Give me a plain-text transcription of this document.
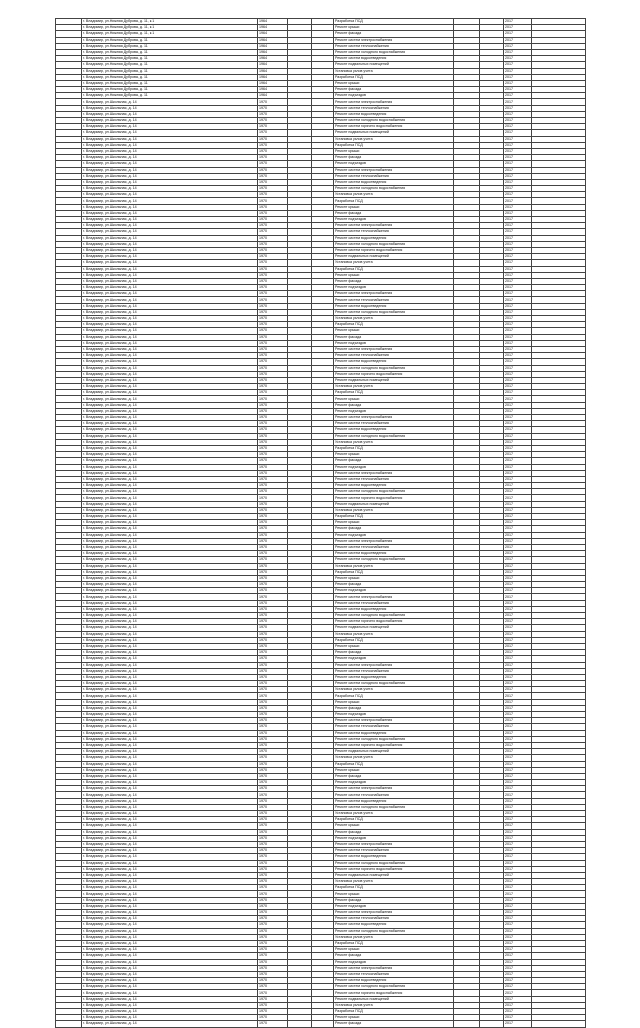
	г. Владимир, ул.Нижняя Дуброва, д. 11, к.1	1964			Разработка ПСД			2017	
	г. Владимир, ул.Нижняя Дуброва, д. 11, к.1	1964			Ремонт крыши			2017	
	г. Владимир, ул.Нижняя Дуброва, д. 11, к.1	1964			Ремонт фасада			2017	
	г. Владимир, ул.Нижняя Дуброва, д. 11	1964			Ремонт систем электроснабжения			2017	
	г. Владимир, ул.Нижняя Дуброва, д. 11	1964			Ремонт систем теплоснабжения			2017	
	г. Владимир, ул.Нижняя Дуброва, д. 11	1964			Ремонт систем холодного водоснабжения			2017	
	г. Владимир, ул.Нижняя Дуброва, д. 11	1964			Ремонт систем водоотведения			2017	
	г. Владимир, ул.Нижняя Дуброва, д. 11	1964			Ремонт подвальных помещений			2017	
	г. Владимир, ул.Нижняя Дуброва, д. 11	1964			Установка узлов учета			2017	
	г. Владимир, ул.Нижняя Дуброва, д. 11	1964			Разработка ПСД			2017	
	г. Владимир, ул.Нижняя Дуброва, д. 11	1964			Ремонт крыши			2017	
	г. Владимир, ул.Нижняя Дуброва, д. 11	1964			Ремонт фасада			2017	
	г. Владимир, ул.Нижняя Дуброва, д. 11	1964			Ремонт подъездов			2017	
	г. Владимир, ул.Школьная, д. 14	1970			Ремонт систем электроснабжения			2017	
	г. Владимир, ул.Школьная, д. 14	1970			Ремонт систем теплоснабжения			2017	
	г. Владимир, ул.Школьная, д. 14	1970			Ремонт систем водоотведения			2017	
	г. Владимир, ул.Школьная, д. 14	1970			Ремонт систем холодного водоснабжения			2017	
	г. Владимир, ул.Школьная, д. 14	1970			Ремонт систем горячего водоснабжения			2017	
	г. Владимир, ул.Школьная, д. 14	1970			Ремонт подвальных помещений			2017	
	г. Владимир, ул.Школьная, д. 14	1970			Установка узлов учета			2017	
	г. Владимир, ул.Школьная, д. 14	1970			Разработка ПСД			2017	
	г. Владимир, ул.Школьная, д. 14	1970			Ремонт крыши			2017	
	г. Владимир, ул.Школьная, д. 14	1970			Ремонт фасада			2017	
	г. Владимир, ул.Школьная, д. 14	1970			Ремонт подъездов			2017	
	г. Владимир, ул.Школьная, д. 14	1970			Ремонт систем электроснабжения			2017	
	г. Владимир, ул.Школьная, д. 14	1970			Ремонт систем теплоснабжения			2017	
	г. Владимир, ул.Школьная, д. 14	1970			Ремонт систем водоотведения			2017	
	г. Владимир, ул.Школьная, д. 14	1970			Ремонт систем холодного водоснабжения			2017	
	г. Владимир, ул.Школьная, д. 14	1970			Установка узлов учета			2017	
	г. Владимир, ул.Школьная, д. 14	1970			Разработка ПСД			2017	
	г. Владимир, ул.Школьная, д. 14	1970			Ремонт крыши			2017	
	г. Владимир, ул.Школьная, д. 14	1970			Ремонт фасада			2017	
	г. Владимир, ул.Школьная, д. 14	1970			Ремонт подъездов			2017	
	г. Владимир, ул.Школьная, д. 14	1970			Ремонт систем электроснабжения			2017	
	г. Владимир, ул.Школьная, д. 14	1970			Ремонт систем теплоснабжения			2017	
	г. Владимир, ул.Школьная, д. 14	1970			Ремонт систем водоотведения			2017	
	г. Владимир, ул.Школьная, д. 14	1970			Ремонт систем холодного водоснабжения			2017	
	г. Владимир, ул.Школьная, д. 14	1970			Ремонт систем горячего водоснабжения			2017	
	г. Владимир, ул.Школьная, д. 14	1970			Ремонт подвальных помещений			2017	
	г. Владимир, ул.Школьная, д. 14	1970			Установка узлов учета			2017	
	г. Владимир, ул.Школьная, д. 14	1970			Разработка ПСД			2017	
	г. Владимир, ул.Школьная, д. 14	1970			Ремонт крыши			2017	
	г. Владимир, ул.Школьная, д. 14	1970			Ремонт фасада			2017	
	г. Владимир, ул.Школьная, д. 14	1970			Ремонт подъездов			2017	
	г. Владимир, ул.Школьная, д. 14	1970			Ремонт систем электроснабжения			2017	
	г. Владимир, ул.Школьная, д. 14	1970			Ремонт систем теплоснабжения			2017	
	г. Владимир, ул.Школьная, д. 14	1970			Ремонт систем водоотведения			2017	
	г. Владимир, ул.Школьная, д. 14	1970			Ремонт систем холодного водоснабжения			2017	
	г. Владимир, ул.Школьная, д. 14	1970			Установка узлов учета			2017	
	г. Владимир, ул.Школьная, д. 14	1970			Разработка ПСД			2017	
	г. Владимир, ул.Школьная, д. 14	1970			Ремонт крыши			2017	
	г. Владимир, ул.Школьная, д. 14	1970			Ремонт фасада			2017	
	г. Владимир, ул.Школьная, д. 14	1970			Ремонт подъездов			2017	
	г. Владимир, ул.Школьная, д. 14	1970			Ремонт систем электроснабжения			2017	
	г. Владимир, ул.Школьная, д. 14	1970			Ремонт систем теплоснабжения			2017	
	г. Владимир, ул.Школьная, д. 14	1970			Ремонт систем водоотведения			2017	
	г. Владимир, ул.Школьная, д. 14	1970			Ремонт систем холодного водоснабжения			2017	
	г. Владимир, ул.Школьная, д. 14	1970			Ремонт систем горячего водоснабжения			2017	
	г. Владимир, ул.Школьная, д. 14	1970			Ремонт подвальных помещений			2017	
	г. Владимир, ул.Школьная, д. 14	1970			Установка узлов учета			2017	
	г. Владимир, ул.Школьная, д. 14	1970			Разработка ПСД			2017	
	г. Владимир, ул.Школьная, д. 14	1970			Ремонт крыши			2017	
	г. Владимир, ул.Школьная, д. 14	1970			Ремонт фасада			2017	
	г. Владимир, ул.Школьная, д. 14	1970			Ремонт подъездов			2017	
	г. Владимир, ул.Школьная, д. 14	1970			Ремонт систем электроснабжения			2017	
	г. Владимир, ул.Школьная, д. 14	1970			Ремонт систем теплоснабжения			2017	
	г. Владимир, ул.Школьная, д. 14	1970			Ремонт систем водоотведения			2017	
	г. Владимир, ул.Школьная, д. 14	1970			Ремонт систем холодного водоснабжения			2017	
	г. Владимир, ул.Школьная, д. 14	1970			Установка узлов учета			2017	
	г. Владимир, ул.Школьная, д. 14	1970			Разработка ПСД			2017	
	г. Владимир, ул.Школьная, д. 14	1970			Ремонт крыши			2017	
	г. Владимир, ул.Школьная, д. 14	1970			Ремонт фасада			2017	
	г. Владимир, ул.Школьная, д. 14	1970			Ремонт подъездов			2017	
	г. Владимир, ул.Школьная, д. 14	1970			Ремонт систем электроснабжения			2017	
	г. Владимир, ул.Школьная, д. 14	1970			Ремонт систем теплоснабжения			2017	
	г. Владимир, ул.Школьная, д. 14	1970			Ремонт систем водоотведения			2017	
	г. Владимир, ул.Школьная, д. 14	1970			Ремонт систем холодного водоснабжения			2017	
	г. Владимир, ул.Школьная, д. 14	1970			Ремонт систем горячего водоснабжения			2017	
	г. Владимир, ул.Школьная, д. 14	1970			Ремонт подвальных помещений			2017	
	г. Владимир, ул.Школьная, д. 14	1970			Установка узлов учета			2017	
	г. Владимир, ул.Школьная, д. 14	1970			Разработка ПСД			2017	
	г. Владимир, ул.Школьная, д. 14	1970			Ремонт крыши			2017	
	г. Владимир, ул.Школьная, д. 14	1970			Ремонт фасада			2017	
	г. Владимир, ул.Школьная, д. 14	1970			Ремонт подъездов			2017	
	г. Владимир, ул.Школьная, д. 14	1970			Ремонт систем электроснабжения			2017	
	г. Владимир, ул.Школьная, д. 14	1970			Ремонт систем теплоснабжения			2017	
	г. Владимир, ул.Школьная, д. 14	1970			Ремонт систем водоотведения			2017	
	г. Владимир, ул.Школьная, д. 14	1970			Ремонт систем холодного водоснабжения			2017	
	г. Владимир, ул.Школьная, д. 14	1970			Установка узлов учета			2017	
	г. Владимир, ул.Школьная, д. 14	1970			Разработка ПСД			2017	
	г. Владимир, ул.Школьная, д. 14	1970			Ремонт крыши			2017	
	г. Владимир, ул.Школьная, д. 14	1970			Ремонт фасада			2017	
	г. Владимир, ул.Школьная, д. 14	1970			Ремонт подъездов			2017	
	г. Владимир, ул.Школьная, д. 14	1970			Ремонт систем электроснабжения			2017	
	г. Владимир, ул.Школьная, д. 14	1970			Ремонт систем теплоснабжения			2017	
	г. Владимир, ул.Школьная, д. 14	1970			Ремонт систем водоотведения			2017	
	г. Владимир, ул.Школьная, д. 14	1970			Ремонт систем холодного водоснабжения			2017	
	г. Владимир, ул.Школьная, д. 14	1970			Ремонт систем горячего водоснабжения			2017	
	г. Владимир, ул.Школьная, д. 14	1970			Ремонт подвальных помещений			2017	
	г. Владимир, ул.Школьная, д. 14	1970			Установка узлов учета			2017	
	г. Владимир, ул.Школьная, д. 14	1970			Разработка ПСД			2017	
	г. Владимир, ул.Школьная, д. 14	1970			Ремонт крыши			2017	
	г. Владимир, ул.Школьная, д. 14	1970			Ремонт фасада			2017	
	г. Владимир, ул.Школьная, д. 14	1970			Ремонт подъездов			2017	
	г. Владимир, ул.Школьная, д. 14	1970			Ремонт систем электроснабжения			2017	
	г. Владимир, ул.Школьная, д. 14	1970			Ремонт систем теплоснабжения			2017	
	г. Владимир, ул.Школьная, д. 14	1970			Ремонт систем водоотведения			2017	
	г. Владимир, ул.Школьная, д. 14	1970			Ремонт систем холодного водоснабжения			2017	
	г. Владимир, ул.Школьная, д. 14	1970			Установка узлов учета			2017	
	г. Владимир, ул.Школьная, д. 14	1970			Разработка ПСД			2017	
	г. Владимир, ул.Школьная, д. 14	1970			Ремонт крыши			2017	
	г. Владимир, ул.Школьная, д. 14	1970			Ремонт фасада			2017	
	г. Владимир, ул.Школьная, д. 14	1970			Ремонт подъездов			2017	
	г. Владимир, ул.Школьная, д. 14	1970			Ремонт систем электроснабжения			2017	
	г. Владимир, ул.Школьная, д. 14	1970			Ремонт систем теплоснабжения			2017	
	г. Владимир, ул.Школьная, д. 14	1970			Ремонт систем водоотведения			2017	
	г. Владимир, ул.Школьная, д. 14	1970			Ремонт систем холодного водоснабжения			2017	
	г. Владимир, ул.Школьная, д. 14	1970			Ремонт систем горячего водоснабжения			2017	
	г. Владимир, ул.Школьная, д. 14	1970			Ремонт подвальных помещений			2017	
	г. Владимир, ул.Школьная, д. 14	1970			Установка узлов учета			2017	
	г. Владимир, ул.Школьная, д. 14	1970			Разработка ПСД			2017	
	г. Владимир, ул.Школьная, д. 14	1970			Ремонт крыши			2017	
	г. Владимир, ул.Школьная, д. 14	1970			Ремонт фасада			2017	
	г. Владимир, ул.Школьная, д. 14	1970			Ремонт подъездов			2017	
	г. Владимир, ул.Школьная, д. 14	1970			Ремонт систем электроснабжения			2017	
	г. Владимир, ул.Школьная, д. 14	1970			Ремонт систем теплоснабжения			2017	
	г. Владимир, ул.Школьная, д. 14	1970			Ремонт систем водоотведения			2017	
	г. Владимир, ул.Школьная, д. 14	1970			Ремонт систем холодного водоснабжения			2017	
	г. Владимир, ул.Школьная, д. 14	1970			Установка узлов учета			2017	
	г. Владимир, ул.Школьная, д. 14	1970			Разработка ПСД			2017	
	г. Владимир, ул.Школьная, д. 14	1970			Ремонт крыши			2017	
	г. Владимир, ул.Школьная, д. 14	1970			Ремонт фасада			2017	
	г. Владимир, ул.Школьная, д. 14	1970			Ремонт подъездов			2017	
	г. Владимир, ул.Школьная, д. 14	1970			Ремонт систем электроснабжения			2017	
	г. Владимир, ул.Школьная, д. 14	1970			Ремонт систем теплоснабжения			2017	
	г. Владимир, ул.Школьная, д. 14	1970			Ремонт систем водоотведения			2017	
	г. Владимир, ул.Школьная, д. 14	1970			Ремонт систем холодного водоснабжения			2017	
	г. Владимир, ул.Школьная, д. 14	1970			Ремонт систем горячего водоснабжения			2017	
	г. Владимир, ул.Школьная, д. 14	1970			Ремонт подвальных помещений			2017	
	г. Владимир, ул.Школьная, д. 14	1970			Установка узлов учета			2017	
	г. Владимир, ул.Школьная, д. 14	1970			Разработка ПСД			2017	
	г. Владимир, ул.Школьная, д. 14	1970			Ремонт крыши			2017	
	г. Владимир, ул.Школьная, д. 14	1970			Ремонт фасада			2017	
	г. Владимир, ул.Школьная, д. 14	1970			Ремонт подъездов			2017	
	г. Владимир, ул.Школьная, д. 14	1970			Ремонт систем электроснабжения			2017	
	г. Владимир, ул.Школьная, д. 14	1970			Ремонт систем теплоснабжения			2017	
	г. Владимир, ул.Школьная, д. 14	1970			Ремонт систем водоотведения			2017	
	г. Владимир, ул.Школьная, д. 14	1970			Ремонт систем холодного водоснабжения			2017	
	г. Владимир, ул.Школьная, д. 14	1970			Установка узлов учета			2017	
	г. Владимир, ул.Школьная, д. 14	1970			Разработка ПСД			2017	
	г. Владимир, ул.Школьная, д. 14	1970			Ремонт крыши			2017	
	г. Владимир, ул.Школьная, д. 14	1970			Ремонт фасада			2017	
	г. Владимир, ул.Школьная, д. 14	1970			Ремонт подъездов			2017	
	г. Владимир, ул.Школьная, д. 14	1970			Ремонт систем электроснабжения			2017	
	г. Владимир, ул.Школьная, д. 14	1970			Ремонт систем теплоснабжения			2017	
	г. Владимир, ул.Школьная, д. 14	1970			Ремонт систем водоотведения			2017	
	г. Владимир, ул.Школьная, д. 14	1970			Ремонт систем холодного водоснабжения			2017	
	г. Владимир, ул.Школьная, д. 14	1970			Ремонт систем горячего водоснабжения			2017	
	г. Владимир, ул.Школьная, д. 14	1970			Ремонт подвальных помещений			2017	
	г. Владимир, ул.Школьная, д. 14	1970			Установка узлов учета			2017	
	г. Владимир, ул.Школьная, д. 14	1970			Разработка ПСД			2017	
	г. Владимир, ул.Школьная, д. 14	1970			Ремонт крыши			2017	
	г. Владимир, ул.Школьная, д. 14	1970			Ремонт фасада			2017	
